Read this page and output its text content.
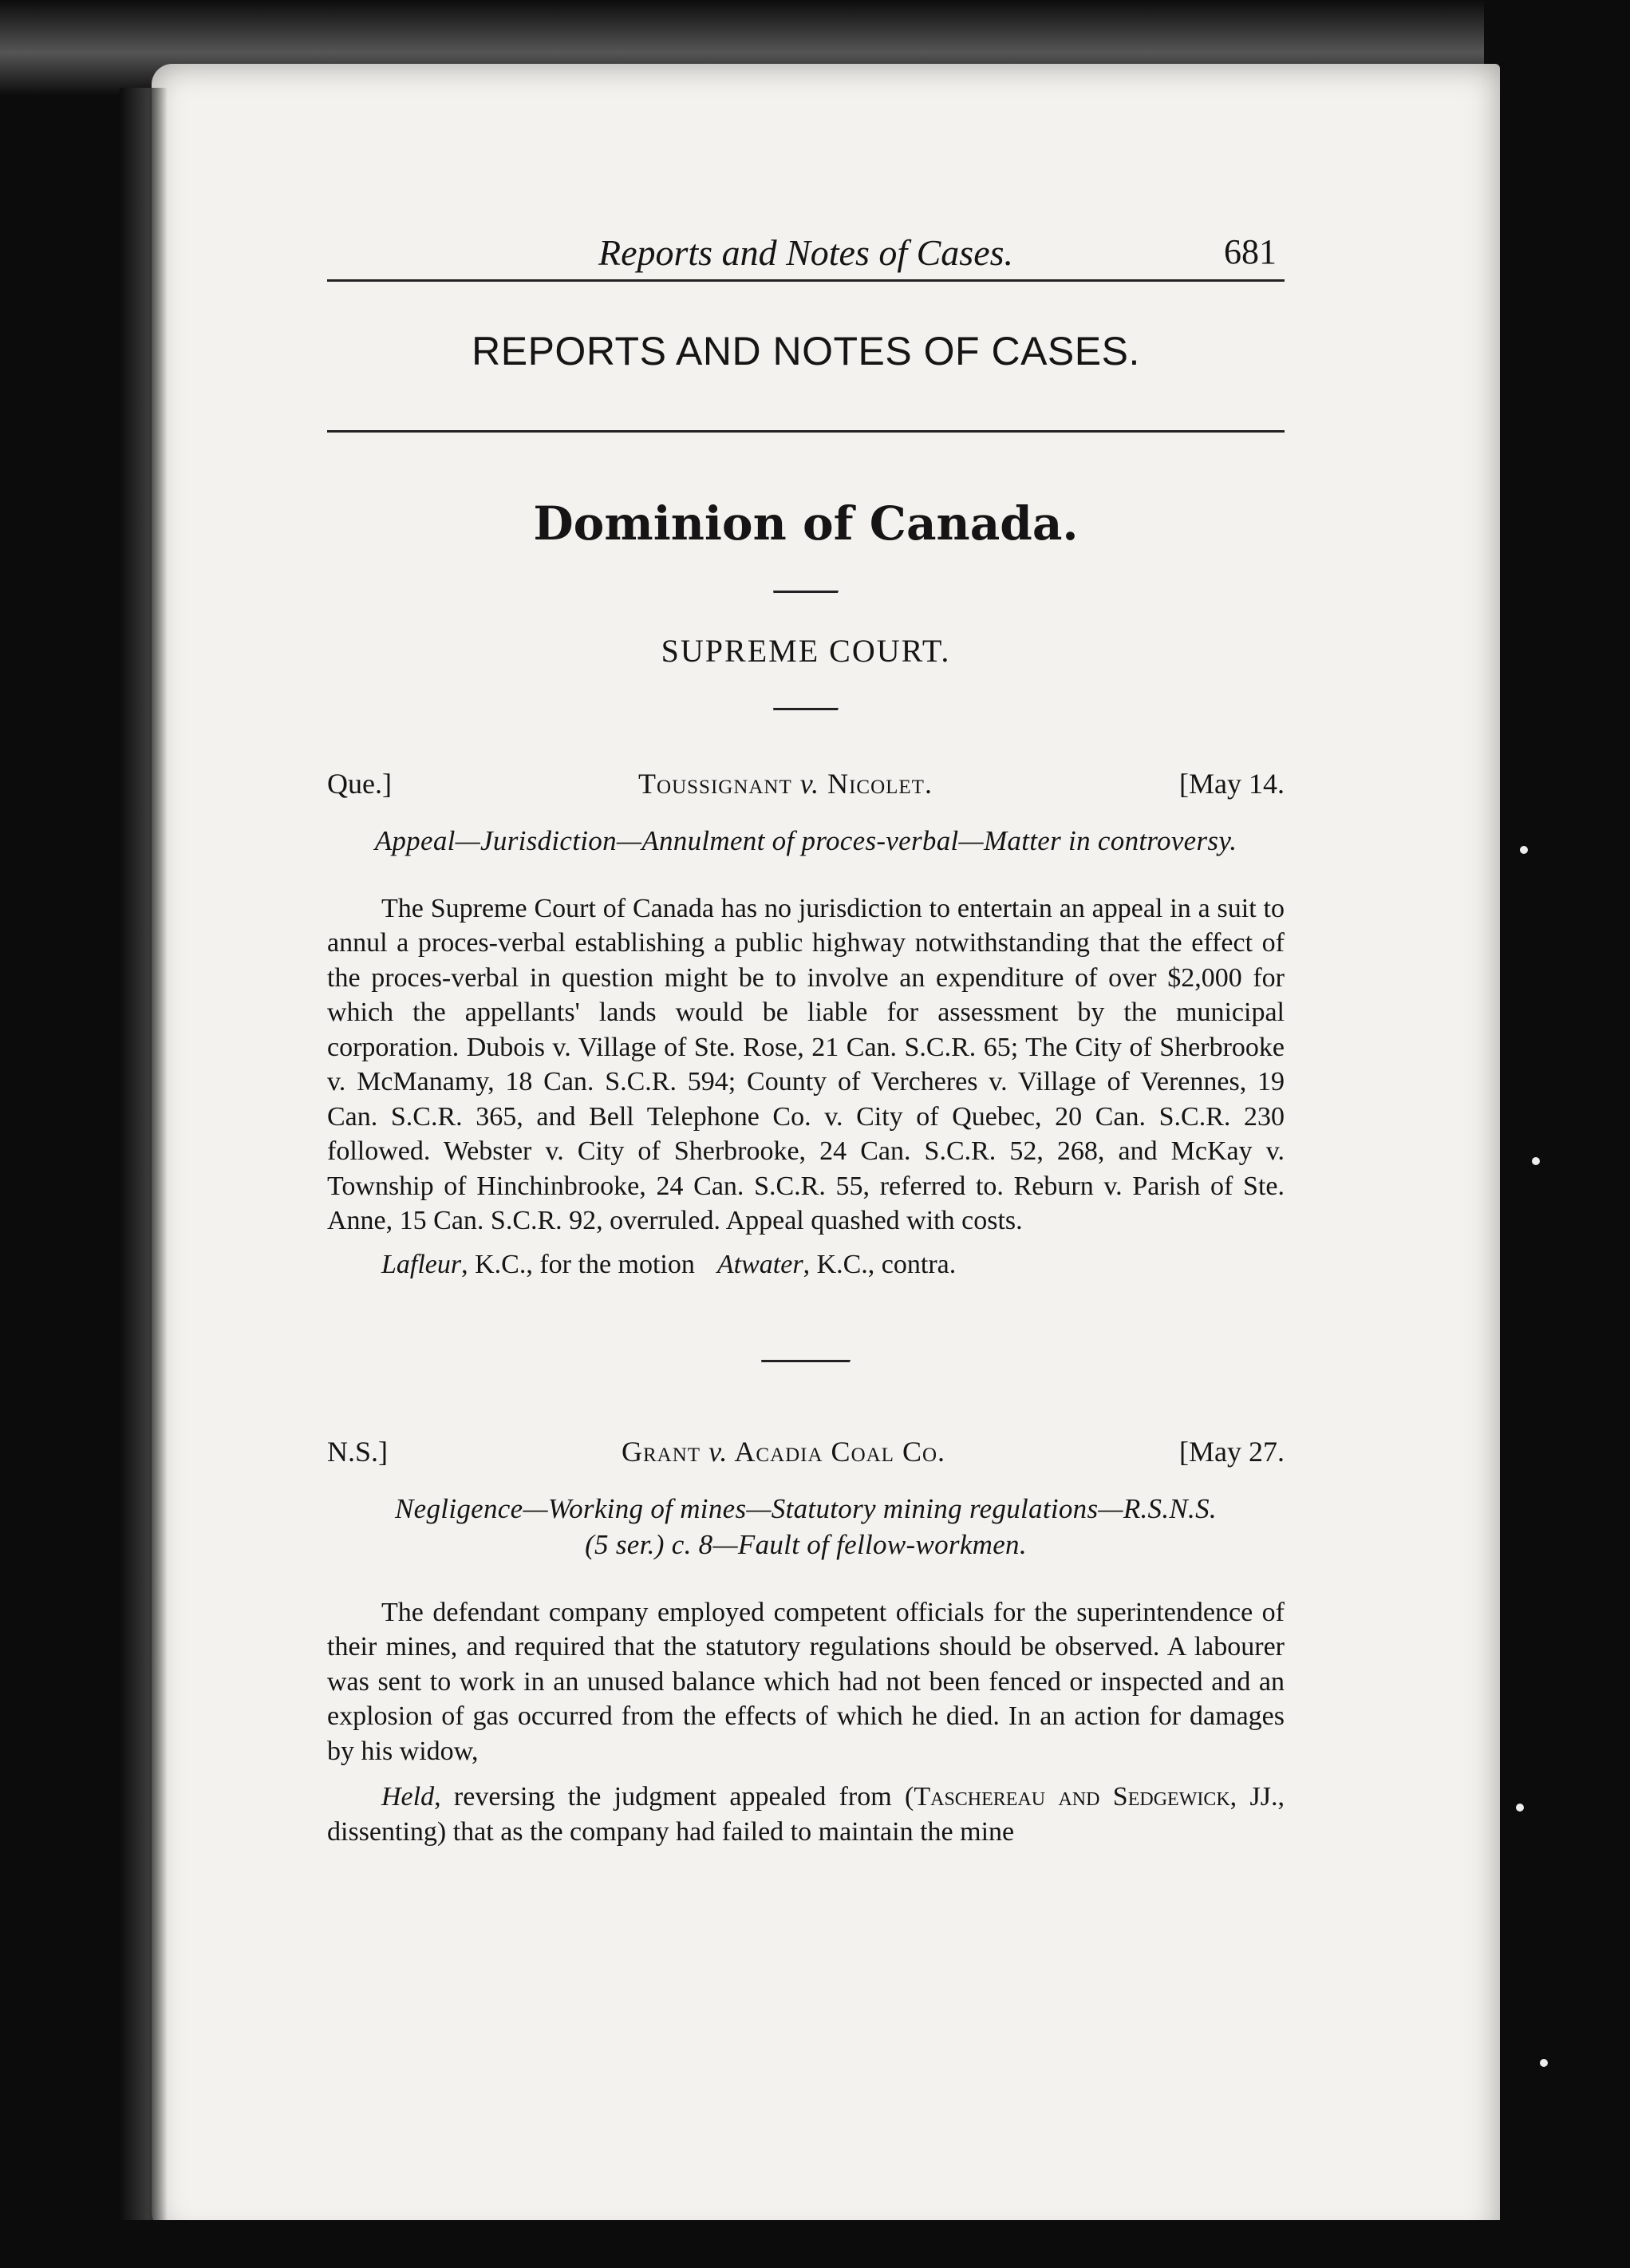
Reports and Notes of Cases.	681
REPORTS AND NOTES OF CASES.
Dominion of Canada.
SUPREME COURT.
Que.]	Toussignant v. Nicolet.	[May 14.
Appeal—Jurisdiction—Annulment of proces-verbal—Matter in controversy.

The Supreme Court of Canada has no jurisdiction to entertain an appeal in a suit to annul a proces-verbal establishing a public highway notwithstanding that the effect of the proces-verbal in question might be to involve an expenditure of over $2,000 for which the appellants' lands would be liable for assessment by the municipal corporation. Dubois v. Village of Ste. Rose, 21 Can. S.C.R. 65; The City of Sherbrooke v. McManamy, 18 Can. S.C.R. 594; County of Vercheres v. Village of Verennes, 19 Can. S.C.R. 365, and Bell Telephone Co. v. City of Quebec, 20 Can. S.C.R. 230 followed. Webster v. City of Sherbrooke, 24 Can. S.C.R. 52, 268, and McKay v. Township of Hinchinbrooke, 24 Can. S.C.R. 55, referred to. Reburn v. Parish of Ste. Anne, 15 Can. S.C.R. 92, overruled. Appeal quashed with costs.

Lafleur, K.C., for the motion Atwater, K.C., contra.
N.S.]	Grant v. Acadia Coal Co.	[May 27.
Negligence—Working of mines—Statutory mining regulations—R.S.N.S.
(5 ser.) c. 8—Fault of fellow-workmen.

The defendant company employed competent officials for the superintendence of their mines, and required that the statutory regulations should be observed. A labourer was sent to work in an unused balance which had not been fenced or inspected and an explosion of gas occurred from the effects of which he died. In an action for damages by his widow,

Held, reversing the judgment appealed from (Taschereau and Sedgewick, JJ., dissenting) that as the company had failed to maintain the mine
